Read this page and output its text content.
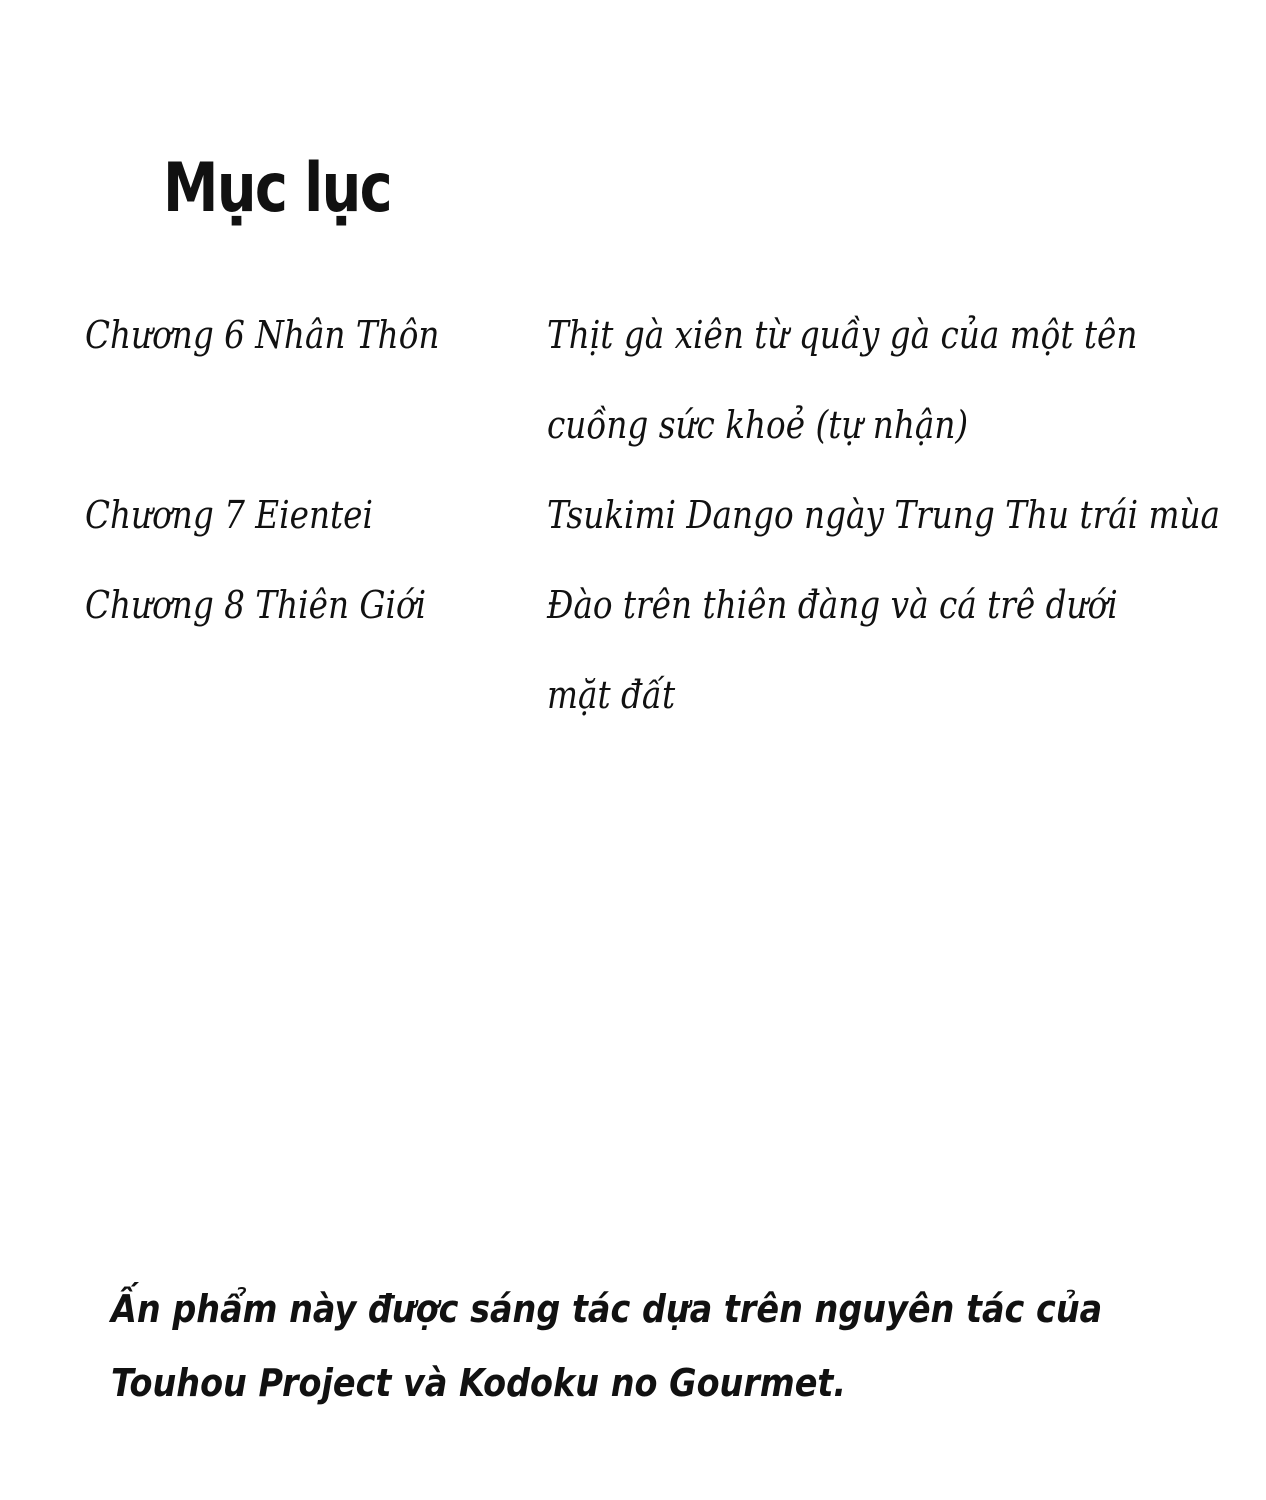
Mục lục
Chương 6 Nhân Thôn	Thịt gà xiên từ quầy gà của một tên
cuồng sức khoẻ (tự nhận)
Chương 7 Eientei	Tsukimi Dango ngày Trung Thu trái mùa
Chương 8 Thiên Giới	Đào trên thiên đàng và cá trê dưới
mặt đất
Ấn phẩm này được sáng tác dựa trên nguyên tác của
Touhou Project và Kodoku no Gourmet.
